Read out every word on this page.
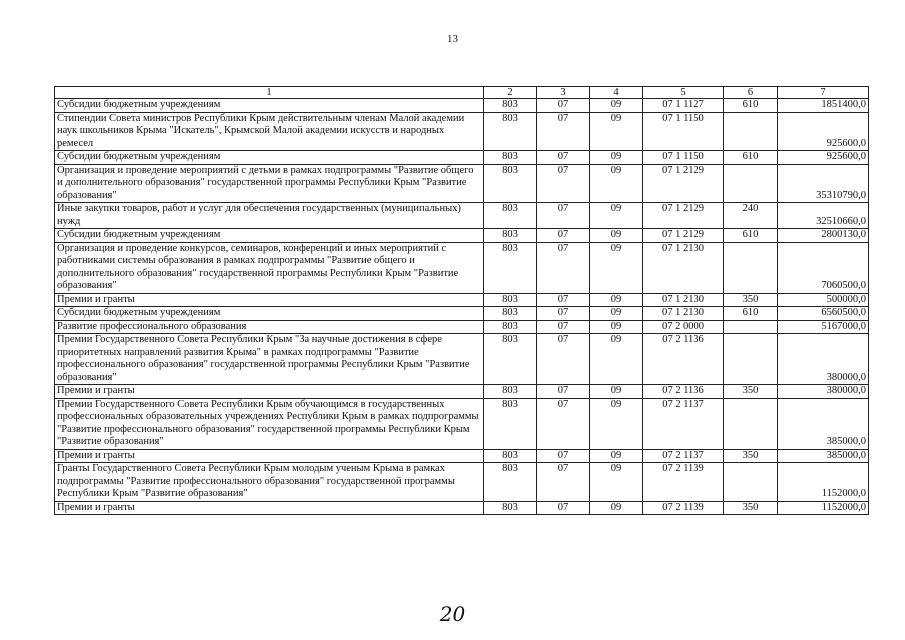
13
1	2	3	4	5	6	7
Субсидии бюджетным учреждениям	803	07	09	07 1 1127	610	1851400,0
Стипендии Совета министров Республики Крым действительным членам Малой академии наук школьников Крыма "Искатель", Крымской Малой академии искусств и народных ремесел	803	07	09	07 1 1150		925600,0
Субсидии бюджетным учреждениям	803	07	09	07 1 1150	610	925600,0
Организация и проведение мероприятий с детьми в рамках подпрограммы "Развитие общего и дополнительного образования" государственной программы Республики Крым "Развитие образования"	803	07	09	07 1 2129		35310790,0
Иные закупки товаров, работ и услуг для обеспечения государственных (муниципальных) нужд	803	07	09	07 1 2129	240	32510660,0
Субсидии бюджетным учреждениям	803	07	09	07 1 2129	610	2800130,0
Организация и проведение конкурсов, семинаров, конференций и иных мероприятий с работниками системы образования в рамках подпрограммы "Развитие общего и дополнительного образования" государственной программы Республики Крым "Развитие образования"	803	07	09	07 1 2130		7060500,0
Премии и гранты	803	07	09	07 1 2130	350	500000,0
Субсидии бюджетным учреждениям	803	07	09	07 1 2130	610	6560500,0
Развитие профессионального образования	803	07	09	07 2 0000		5167000,0
Премии Государственного Совета Республики Крым "За научные достижения в сфере приоритетных направлений развития Крыма" в рамках подпрограммы "Развитие профессионального образования" государственной программы Республики Крым "Развитие образования"	803	07	09	07 2 1136		380000,0
Премии и гранты	803	07	09	07 2 1136	350	380000,0
Премии Государственного Совета Республики Крым обучающимся в государственных профессиональных образовательных учреждениях Республики Крым в рамках подпрограммы "Развитие профессионального образования" государственной программы Республики Крым "Развитие образования"	803	07	09	07 2 1137		385000,0
Премии и гранты	803	07	09	07 2 1137	350	385000,0
Гранты Государственного Совета Республики Крым молодым ученым Крыма в рамках подпрограммы "Развитие профессионального образования" государственной программы Республики Крым "Развитие образования"	803	07	09	07 2 1139		1152000,0
Премии и гранты	803	07	09	07 2 1139	350	1152000,0
20
